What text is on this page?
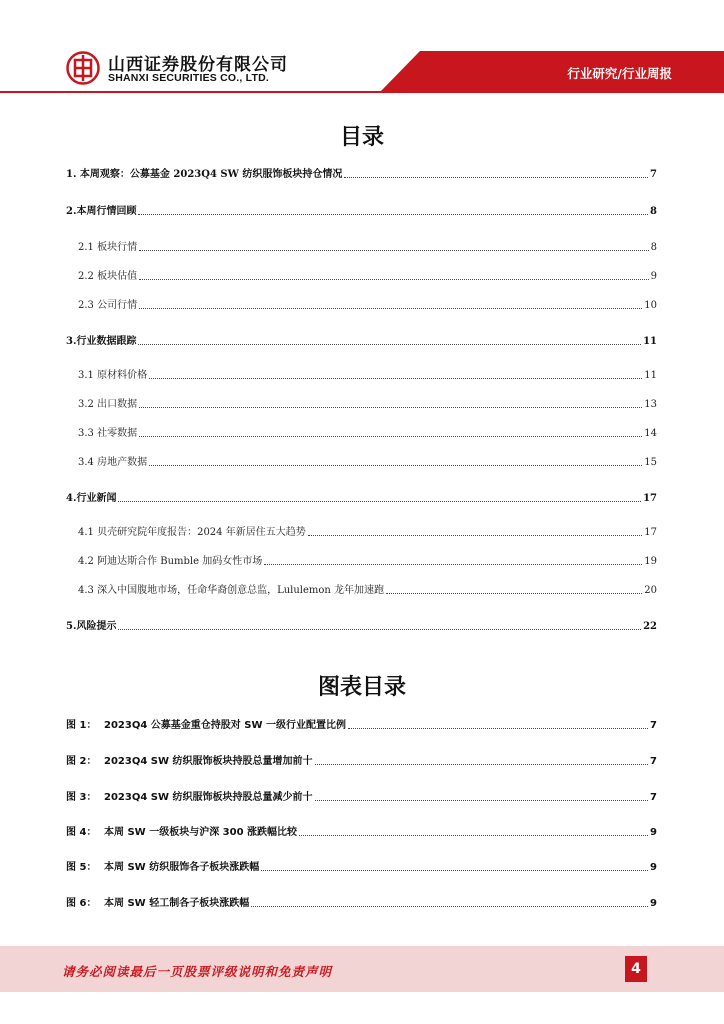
山西证券股份有限公司
SHANXI SECURITIES CO., LTD.	行业研究/行业周报
目录
1. 本周观察：公募基金 2023Q4 SW 纺织服饰板块持仓情况	7
2.本周行情回顾	8
2.1 板块行情	8
2.2 板块估值	9
2.3 公司行情	10
3.行业数据跟踪	11
3.1 原材料价格	11
3.2 出口数据	13
3.3 社零数据	14
3.4 房地产数据	15
4.行业新闻	17
4.1 贝壳研究院年度报告：2024 年新居住五大趋势	17
4.2 阿迪达斯合作 Bumble 加码女性市场	19
4.3 深入中国腹地市场，任命华裔创意总监，Lululemon 龙年加速跑	20
5.风险提示	22
图表目录
图 1： 2023Q4 公募基金重仓持股对 SW 一级行业配置比例	7
图 2： 2023Q4 SW 纺织服饰板块持股总量增加前十	7
图 3： 2023Q4 SW 纺织服饰板块持股总量减少前十	7
图 4： 本周 SW 一级板块与沪深 300 涨跌幅比较	9
图 5： 本周 SW 纺织服饰各子板块涨跌幅	9
图 6： 本周 SW 轻工制各子板块涨跌幅	9
请务必阅读最后一页股票评级说明和免责声明	4
